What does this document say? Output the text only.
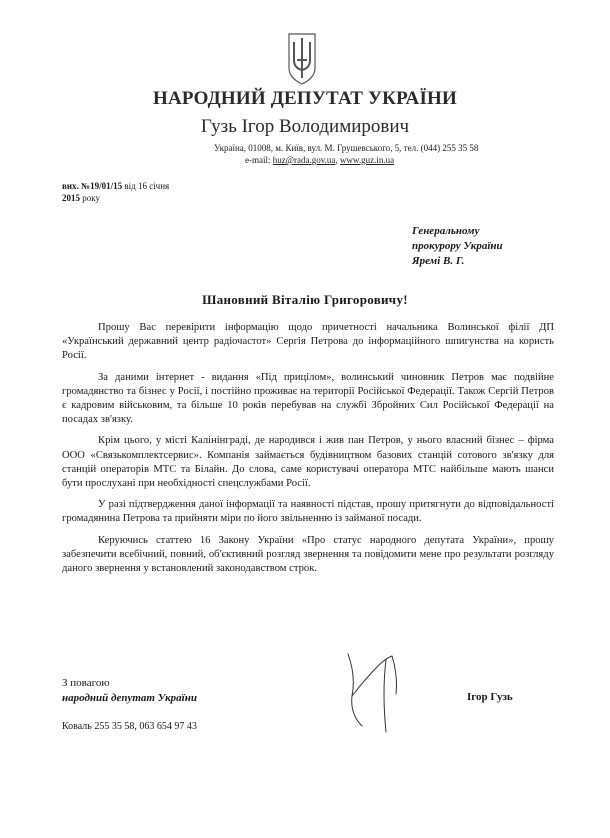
НАРОДНИЙ ДЕПУТАТ УКРАЇНИ
Гузь Ігор Володимирович
Україна, 01008, м. Київ, вул. М. Грушевського, 5, тел. (044) 255 35 58
e-mail: huz@rada.gov.ua, www.guz.in.ua
вих. №19/01/15 від 16 січня
2015 року
Генеральному
прокурору України
Яремі В. Г.
Шановний Віталію Григоровичу!

Прошу Вас перевірити інформацію щодо причетності начальника Волинської філії ДП «Український державний центр радіочастот» Сергія Петрова до інформаційного шпигунства на користь Росії.

За даними інтернет - видання «Під прицілом», волинський чиновник Петров має подвійне громадянство та бізнес у Росії, і постійно проживає на території Російської Федерації. Також Сергій Петров є кадровим військовим, та більше 10 років перебував на службі Збройних Сил Російської Федерації на посадах зв'язку.

Крім цього, у місті Калінінграді, де народився і жив пан Петров, у нього власний бізнес – фірма ООО «Связькомплектсервис». Компанія займається будівництвом базових станцій сотового зв'язку для станцій операторів МТС та Білайн. До слова, саме користувачі оператора МТС найбільше мають шанси бути прослухані при необхідності спецслужбами Росії.

У разі підтвердження даної інформації та наявності підстав, прошу притягнути до відповідальності громадянина Петрова та прийняти міри по його звільненню із займаної посади.

Керуючись статтею 16 Закону України «Про статус народного депутата України», прошу забезпечити всебічний, повний, об'єктивний розгляд звернення та повідомити мене про результати розгляду даного звернення у встановлений законодавством строк.

З повагою
народний депутат України	Ігор Гузь
Коваль 255 35 58, 063 654 97 43
